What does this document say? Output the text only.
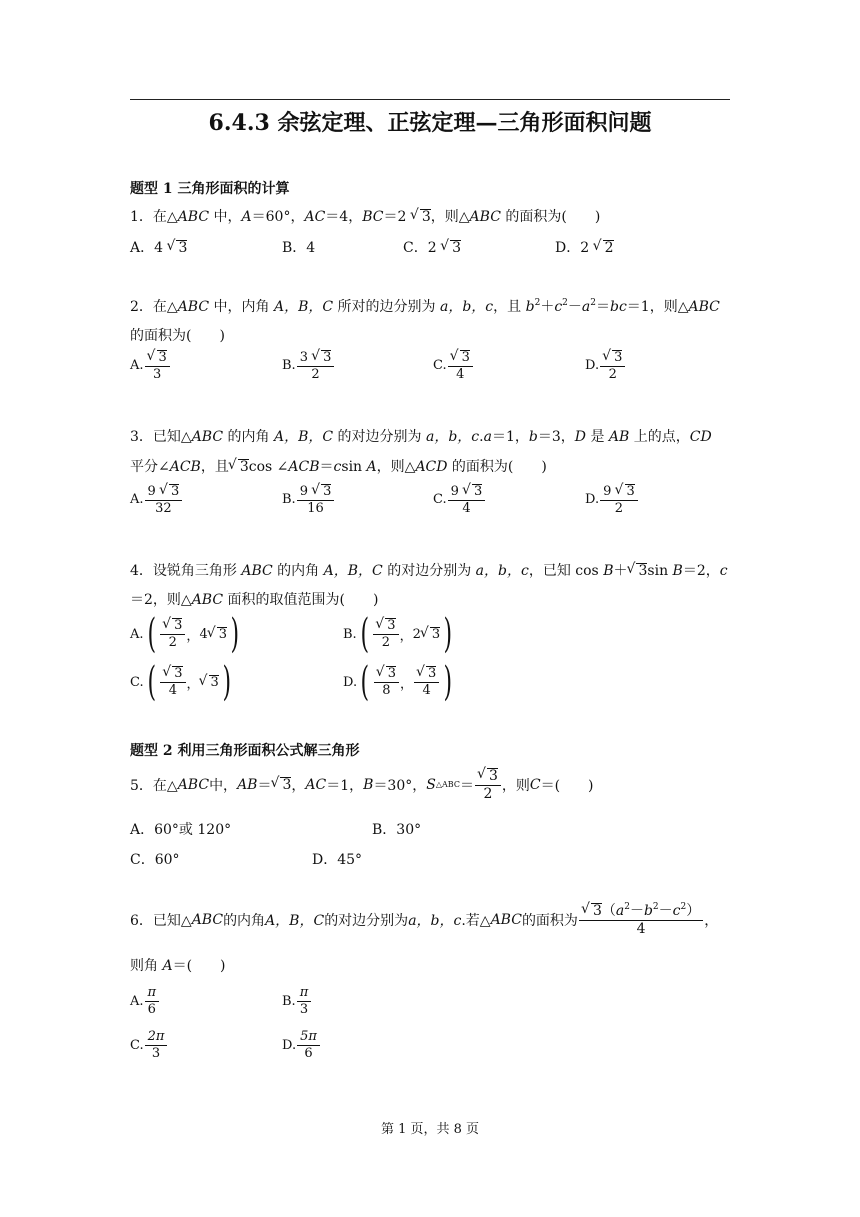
6.4.3 余弦定理、正弦定理—三角形面积问题
题型 1 三角形面积的计算
1．在△ABC 中，A＝60°，AC＝4，BC＝2 √ 3，则△ABC 的面积为(　　)
A．4 √ 3	B．4	C．2 √ 3	D．2 √ 2
2．在△ABC 中，内角 A，B，C 所对的边分别为 a，b，c，且 $b^2+c^2-a^2=bc=1$，则△ABC
的面积为(　　)
A. √ $\frac{3}{3}$	B. $\frac{3 √ 3}{2}$	C. √ $\frac{3}{4}$	D. √ $\frac{3}{2}$
3．已知△ABC 的内角 A，B，C 的对边分别为 a，b，c.a＝1，b＝3，D 是 AB 上的点，CD
平分∠ACB，且 √ 3cos ∠ACB＝csin A，则△ACD 的面积为(　　)
A. $\frac{9 √ 3}{32}$	B. $\frac{9 √ 3}{16}$	C. $\frac{9 √ 3}{4}$	D. $\frac{9 √ 3}{2}$
4．设锐角三角形 ABC 的内角 A，B，C 的对边分别为 a，b，c，已知 cos B＋ √ 3sin B＝2，c
＝2，则△ABC 面积的取值范围为(　　)
A. ( √ $\frac{3}{2}$ ， 4 √ 3 )	B. ( √ $\frac{3}{2}$ ， 2 √ 3 )
C. ( √ $\frac{3}{4}$ ， √ 3 )	D. ( √ $\frac{3}{8}$ ， √ $\frac{3}{4}$ )
题型 2 利用三角形面积公式解三角形
5．在△ ABC 中， AB ＝ √ 3 ， AC ＝1， B ＝30°， S △ABC ＝ √ $\frac{3}{2}$ ，则 C ＝(　　)
A．60°或 120°	B．30°
C．60°	D．45°
6．已知△ ABC 的内角 A，B，C 的对边分别为 a，b，c .若△ ABC 的面积为 √ $\frac{3(a^2-b^2-c^2)}{4}$ ，
则角 A＝(　　)
A. $\frac{\pi}{6}$	B. $\frac{\pi}{3}$
C. $\frac{2\pi}{3}$	D. $\frac{5\pi}{6}$
第 1 页，共 8 页
